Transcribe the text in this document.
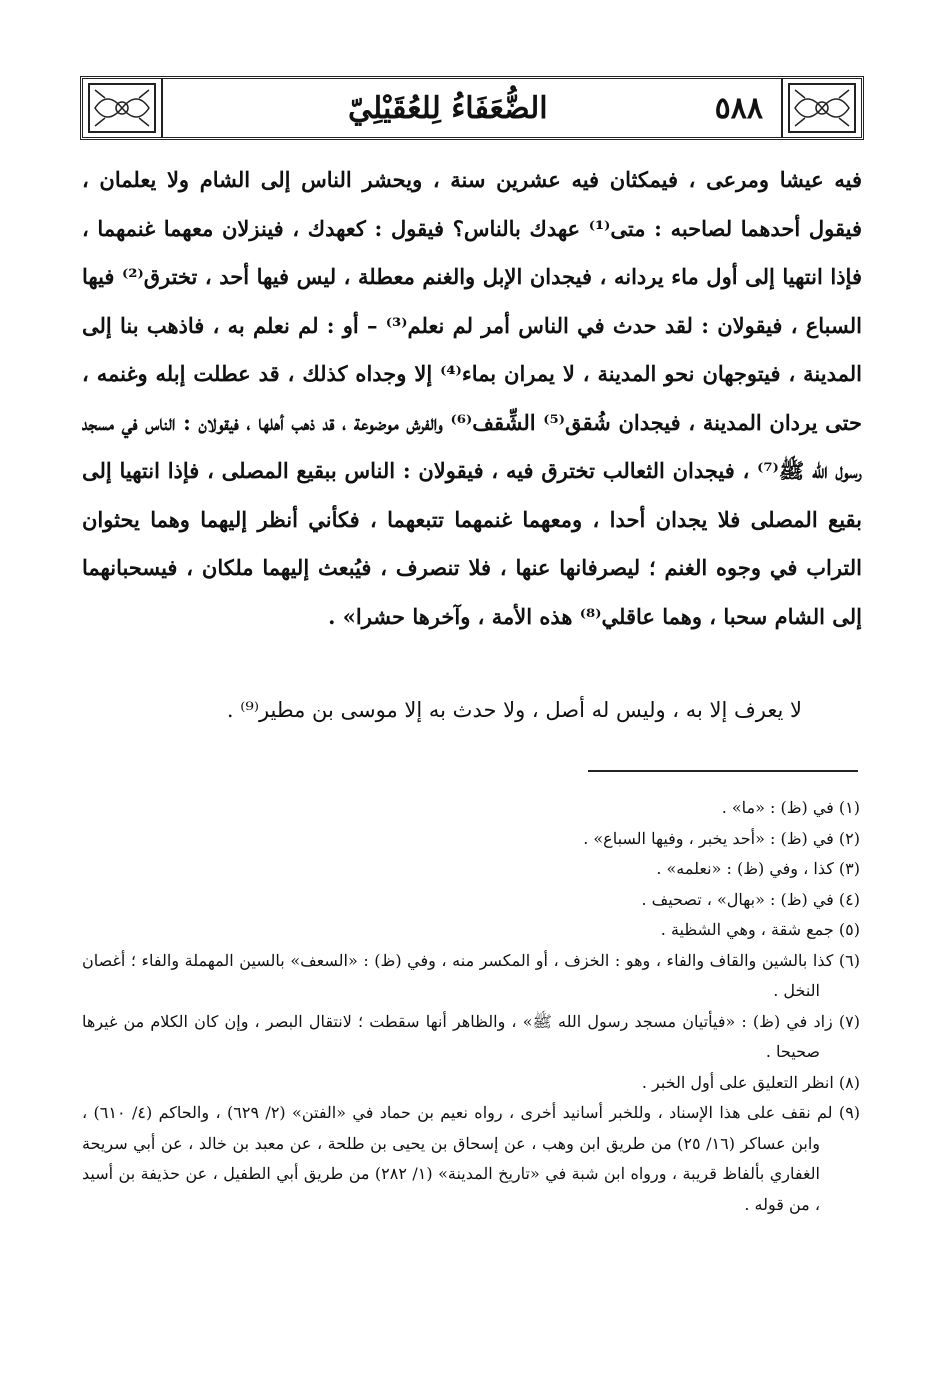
الضُّعَفَاءُ لِلعُقَيْلِيّ	٥٨٨

فيه عيشا ومرعى ، فيمكثان فيه عشرين سنة ، ويحشر الناس إلى الشام ولا يعلمان ، فيقول أحدهما لصاحبه : متى⁽¹⁾ عهدك بالناس؟ فيقول : كعهدك ، فينزلان معهما غنمهما ، فإذا انتهيا إلى أول ماء يردانه ، فيجدان الإبل والغنم معطلة ، ليس فيها أحد ، تخترق⁽²⁾ فيها السباع ، فيقولان : لقد حدث في الناس أمر لم نعلم⁽³⁾ – أو : لم نعلم به ، فاذهب بنا إلى المدينة ، فيتوجهان نحو المدينة ، لا يمران بماء⁽⁴⁾ إلا وجداه كذلك ، قد عطلت إبله وغنمه ، حتى يردان المدينة ، فيجدان شُقق⁽⁵⁾ الشِّقف⁽⁶⁾ والفرش موضوعة ، قد ذهب أهلها ، فيقولان : الناس في مسجد رسول الله ﷺ⁽⁷⁾ ، فيجدان الثعالب تخترق فيه ، فيقولان : الناس ببقيع المصلى ، فإذا انتهيا إلى بقيع المصلى فلا يجدان أحدا ، ومعهما غنمهما تتبعهما ، فكأني أنظر إليهما وهما يحثوان التراب في وجوه الغنم ؛ ليصرفانها عنها ، فلا تنصرف ، فيُبعث إليهما ملكان ، فيسحبانهما إلى الشام سحبا ، وهما عاقلي⁽⁸⁾ هذه الأمة ، وآخرها حشرا» .

لا يعرف إلا به ، وليس له أصل ، ولا حدث به إلا موسى بن مطير⁽⁹⁾ .

(١) في (ظ) : «ما» .

(٢) في (ظ) : «أحد يخبر ، وفيها السباع» .

(٣) كذا ، وفي (ظ) : «نعلمه» .

(٤) في (ظ) : «بهال» ، تصحيف .

(٥) جمع شقة ، وهي الشظية .

(٦) كذا بالشين والقاف والفاء ، وهو : الخزف ، أو المكسر منه ، وفي (ظ) : «السعف» بالسين المهملة والفاء ؛ أغصان النخل .

(٧) زاد في (ظ) : «فيأتيان مسجد رسول الله ﷺ» ، والظاهر أنها سقطت ؛ لانتقال البصر ، وإن كان الكلام من غيرها صحيحا .

(٨) انظر التعليق على أول الخبر .

(٩) لم نقف على هذا الإسناد ، وللخبر أسانيد أخرى ، رواه نعيم بن حماد في «الفتن» (٢/ ٦٢٩) ، والحاكم (٤/ ٦١٠) ، وابن عساكر (١٦/ ٢٥) من طريق ابن وهب ، عن إسحاق بن يحيى بن طلحة ، عن معبد بن خالد ، عن أبي سريحة الغفاري بألفاظ قريبة ، ورواه ابن شبة في «تاريخ المدينة» (١/ ٢٨٢) من طريق أبي الطفيل ، عن حذيفة بن أسيد ، من قوله .
